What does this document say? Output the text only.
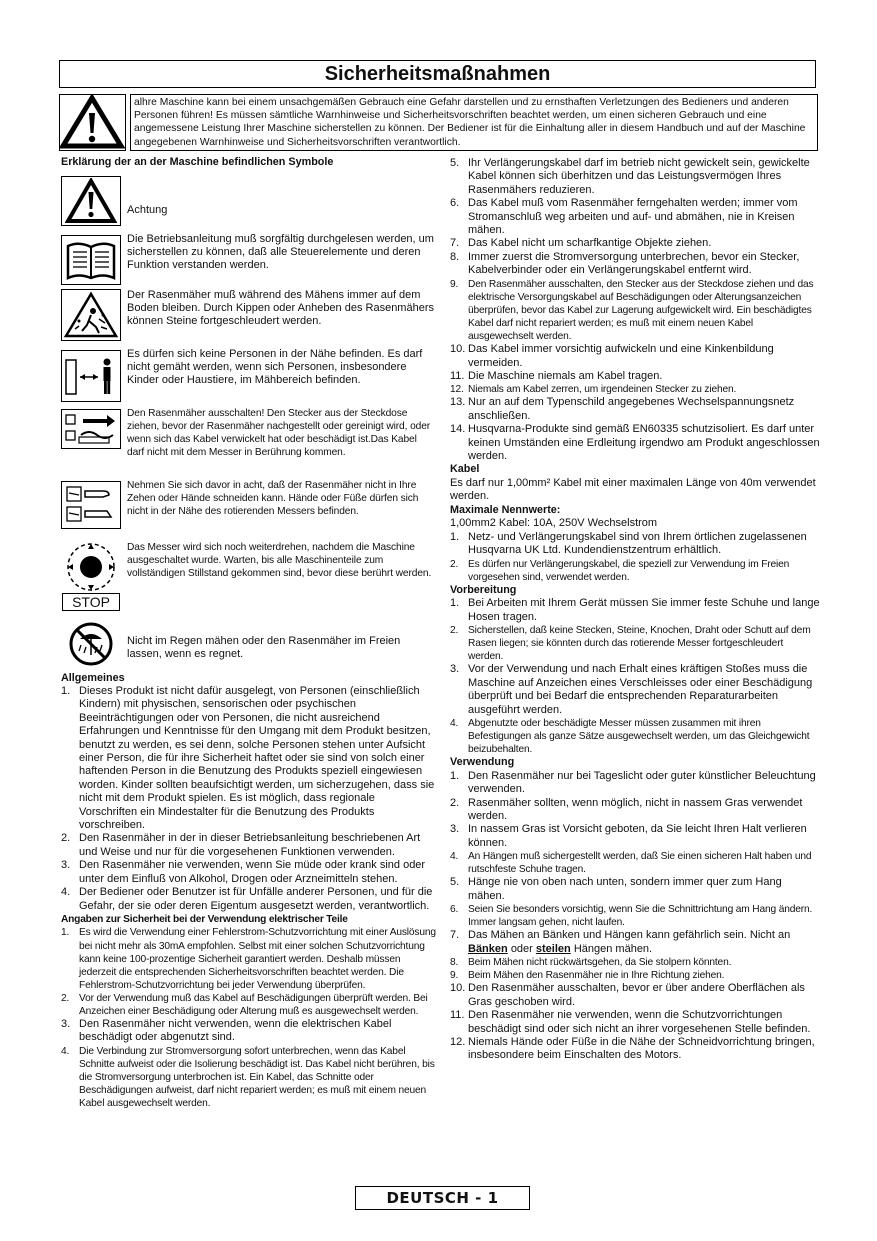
Sicherheitsmaßnahmen
alhre Maschine kann bei einem unsachgemäßen Gebrauch eine Gefahr darstellen und zu ernsthaften Verletzungen des Bedieners und anderen Personen führen! Es müssen sämtliche Warnhinweise und Sicherheitsvorschriften beachtet werden, um einen sicheren Gebrauch und eine angemessene Leistung Ihrer Maschine sicherstellen zu können. Der Bediener ist für die Einhaltung aller in diesem Handbuch und auf der Maschine angegebenen Warnhinweise und Sicherheitsvorschriften verantwortlich.
Erklärung der an der Maschine befindlichen Symbole
Achtung
Die Betriebsanleitung muß sorgfältig durchgelesen werden, um sicherstellen zu können, daß alle Steuerelemente und deren Funktion verstanden werden.
Der Rasenmäher muß während des Mähens immer auf dem Boden bleiben. Durch Kippen oder Anheben des Rasenmähers können Steine fortgeschleudert werden.
Es dürfen sich keine Personen in der Nähe befinden. Es darf nicht gemäht werden, wenn sich Personen, insbesondere Kinder oder Haustiere, im Mähbereich befinden.
Den Rasenmäher ausschalten! Den Stecker aus der Steckdose ziehen, bevor der Rasenmäher nachgestellt oder gereinigt wird, oder wenn sich das Kabel verwickelt hat oder beschädigt ist.Das Kabel darf nicht mit dem Messer in Berührung kommen.
Nehmen Sie sich davor in acht, daß der Rasenmäher nicht in Ihre Zehen oder Hände schneiden kann. Hände oder Füße dürfen sich nicht in der Nähe des rotierenden Messers befinden.
STOP
Das Messer wird sich noch weiterdrehen, nachdem die Maschine ausgeschaltet wurde. Warten, bis alle Maschinenteile zum vollständigen Stillstand gekommen sind, bevor diese berührt werden.
Nicht im Regen mähen oder den Rasenmäher im Freien lassen, wenn es regnet.
Allgemeines
1. Dieses Produkt ist nicht dafür ausgelegt, von Personen (einschließlich Kindern) mit physischen, sensorischen oder psychischen Beeinträchtigungen oder von Personen, die nicht ausreichend Erfahrungen und Kenntnisse für den Umgang mit dem Produkt besitzen, benutzt zu werden, es sei denn, solche Personen stehen unter Aufsicht einer Person, die für ihre Sicherheit haftet oder sie sind von solch einer haftenden Person in die Benutzung des Produkts speziell eingewiesen worden. Kinder sollten beaufsichtigt werden, um sicherzugehen, dass sie nicht mit dem Produkt spielen. Es ist möglich, dass regionale Vorschriften ein Mindestalter für die Benutzung des Produkts vorschreiben.
2. Den Rasenmäher in der in dieser Betriebsanleitung beschriebenen Art und Weise und nur für die vorgesehenen Funktionen verwenden.
3. Den Rasenmäher nie verwenden, wenn Sie müde oder krank sind oder unter dem Einfluß von Alkohol, Drogen oder Arzneimitteln stehen.
4. Der Bediener oder Benutzer ist für Unfälle anderer Personen, und für die Gefahr, der sie oder deren Eigentum ausgesetzt werden, verantwortlich.
Angaben zur Sicherheit bei der Verwendung elektrischer Teile
1. Es wird die Verwendung einer Fehlerstrom-Schutzvorrichtung mit einer Auslösung bei nicht mehr als 30mA empfohlen. Selbst mit einer solchen Schutzvorrichtung kann keine 100-prozentige Sicherheit garantiert werden. Deshalb müssen jederzeit die entsprechenden Sicherheitsvorschriften beachtet werden. Die Fehlerstrom-Schutzvorrichtung bei jeder Verwendung überprüfen.
2. Vor der Verwendung muß das Kabel auf Beschädigungen überprüft werden. Bei Anzeichen einer Beschädigung oder Alterung muß es ausgewechselt werden.
3. Den Rasenmäher nicht verwenden, wenn die elektrischen Kabel beschädigt oder abgenutzt sind.
4. Die Verbindung zur Stromversorgung sofort unterbrechen, wenn das Kabel Schnitte aufweist oder die Isolierung beschädigt ist. Das Kabel nicht berühren, bis die Stromversorgung unterbrochen ist. Ein Kabel, das Schnitte oder Beschädigungen aufweist, darf nicht repariert werden; es muß mit einem neuen Kabel ausgewechselt werden.
5. Ihr Verlängerungskabel darf im betrieb nicht gewickelt sein, gewickelte Kabel können sich überhitzen und das Leistungsvermögen Ihres Rasenmähers reduzieren.
6. Das Kabel muß vom Rasenmäher ferngehalten werden; immer vom Stromanschluß weg arbeiten und auf- und abmähen, nie in Kreisen mähen.
7. Das Kabel nicht um scharfkantige Objekte ziehen.
8. Immer zuerst die Stromversorgung unterbrechen, bevor ein Stecker, Kabelverbinder oder ein Verlängerungskabel entfernt wird.
9. Den Rasenmäher ausschalten, den Stecker aus der Steckdose ziehen und das elektrische Versorgungskabel auf Beschädigungen oder Alterungsanzeichen überprüfen, bevor das Kabel zur Lagerung aufgewickelt wird. Ein beschädigtes Kabel darf nicht repariert werden; es muß mit einem neuen Kabel ausgewechselt werden.
10. Das Kabel immer vorsichtig aufwickeln und eine Kinkenbildung vermeiden.
11. Die Maschine niemals am Kabel tragen.
12. Niemals am Kabel zerren, um irgendeinen Stecker zu ziehen.
13. Nur an auf dem Typenschild angegebenes Wechselspannungsnetz anschließen.
14. Husqvarna-Produkte sind gemäß EN60335 schutzisoliert. Es darf unter keinen Umständen eine Erdleitung irgendwo am Produkt angeschlossen werden.
Kabel

Es darf nur 1,00mm² Kabel mit einer maximalen Länge von 40m verwendet werden.

Maximale Nennwerte:

1,00mm2 Kabel: 10A, 250V Wechselstrom

1. Netz- und Verlängerungskabel sind von Ihrem örtlichen zugelassenen Husqvarna UK Ltd. Kundendienstzentrum erhältlich.
2. Es dürfen nur Verlängerungskabel, die speziell zur Verwendung im Freien vorgesehen sind, verwendet werden.
Vorbereitung
1. Bei Arbeiten mit Ihrem Gerät müssen Sie immer feste Schuhe und lange Hosen tragen.
2. Sicherstellen, daß keine Stecken, Steine, Knochen, Draht oder Schutt auf dem Rasen liegen; sie könnten durch das rotierende Messer fortgeschleudert werden.
3. Vor der Verwendung und nach Erhalt eines kräftigen Stoßes muss die Maschine auf Anzeichen eines Verschleisses oder einer Beschädigung überprüft und bei Bedarf die entsprechenden Reparaturarbeiten ausgeführt werden.
4. Abgenutzte oder beschädigte Messer müssen zusammen mit ihren Befestigungen als ganze Sätze ausgewechselt werden, um das Gleichgewicht beizubehalten.
Verwendung
1. Den Rasenmäher nur bei Tageslicht oder guter künstlicher Beleuchtung verwenden.
2. Rasenmäher sollten, wenn möglich, nicht in nassem Gras verwendet werden.
3. In nassem Gras ist Vorsicht geboten, da Sie leicht Ihren Halt verlieren können.
4. An Hängen muß sichergestellt werden, daß Sie einen sicheren Halt haben und rutschfeste Schuhe tragen.
5. Hänge nie von oben nach unten, sondern immer quer zum Hang mähen.
6. Seien Sie besonders vorsichtig, wenn Sie die Schnittrichtung am Hang ändern. Immer langsam gehen, nicht laufen.
7. Das Mähen an Bänken und Hängen kann gefährlich sein. Nicht an Bänken oder steilen Hängen mähen.
8. Beim Mähen nicht rückwärtsgehen, da Sie stolpern könnten.
9. Beim Mähen den Rasenmäher nie in Ihre Richtung ziehen.
10. Den Rasenmäher ausschalten, bevor er über andere Oberflächen als Gras geschoben wird.
11. Den Rasenmäher nie verwenden, wenn die Schutzvorrichtungen beschädigt sind oder sich nicht an ihrer vorgesehenen Stelle befinden.
12. Niemals Hände oder Füße in die Nähe der Schneidvorrichtung bringen, insbesondere beim Einschalten des Motors.
DEUTSCH - 1
